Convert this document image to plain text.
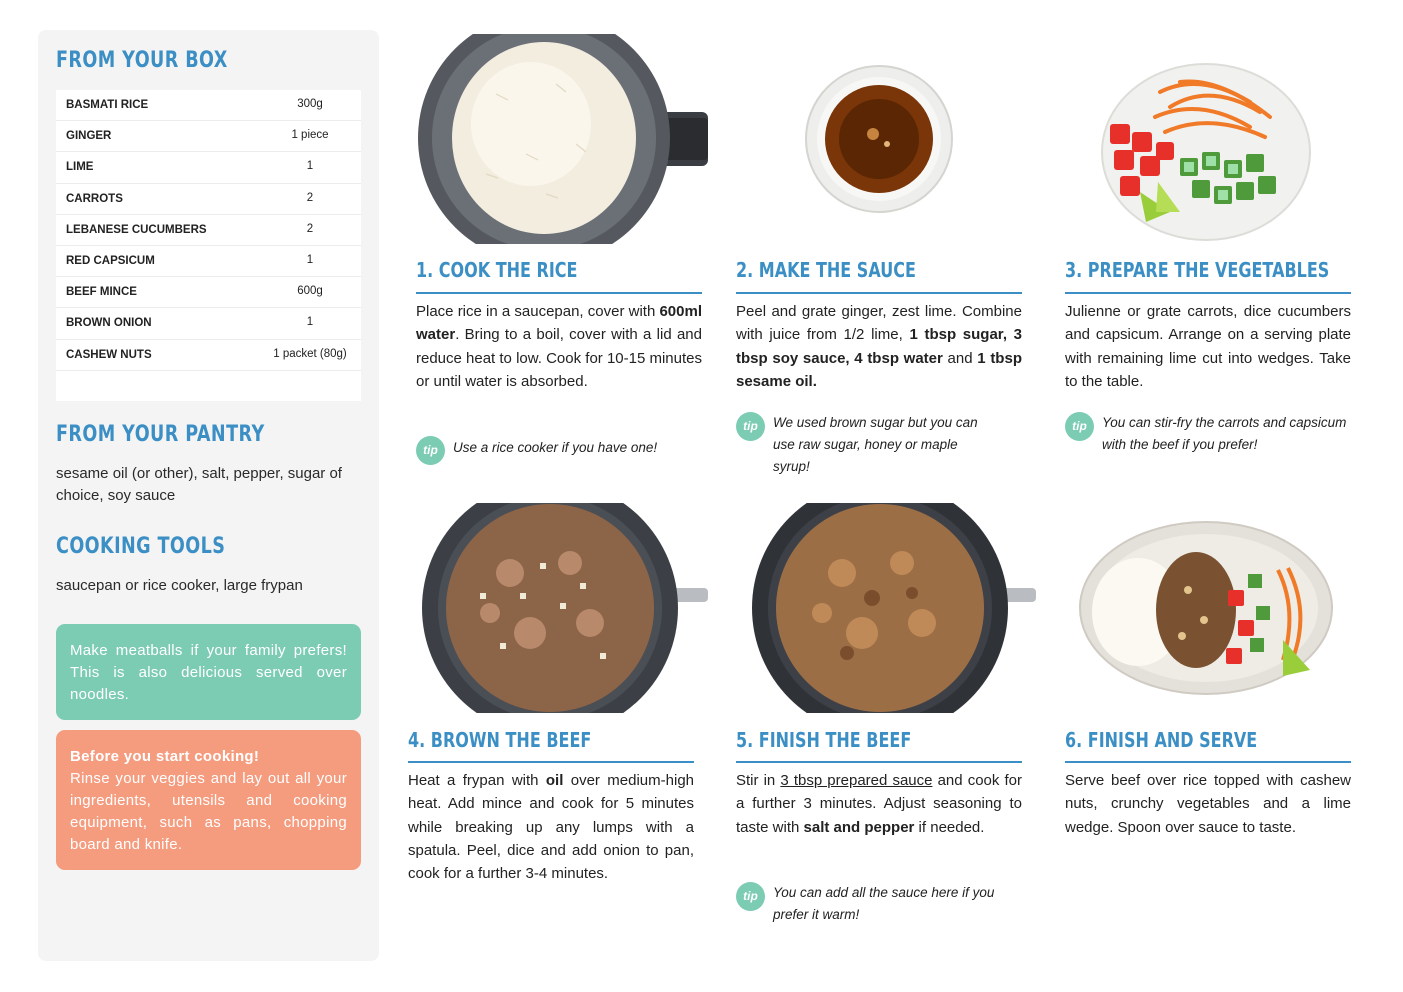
FROM YOUR BOX
BASMATI RICE	300g
GINGER	1 piece
LIME	1
CARROTS	2
LEBANESE CUCUMBERS	2
RED CAPSICUM	1
BEEF MINCE	600g
BROWN ONION	1
CASHEW NUTS	1 packet (80g)
FROM YOUR PANTRY
sesame oil (or other), salt, pepper, sugar of choice, soy sauce
COOKING TOOLS
saucepan or rice cooker, large frypan
Make meatballs if your family prefers! This is also delicious served over noodles.
Before you start cooking!
Rinse your veggies and lay out all your ingredients, utensils and cooking equipment, such as pans, chopping board and knife.
1. COOK THE RICE
Place rice in a saucepan, cover with 600ml water. Bring to a boil, cover with a lid and reduce heat to low. Cook for 10-15 minutes or until water is absorbed.
tip	Use a rice cooker if you have one!
2. MAKE THE SAUCE
Peel and grate ginger, zest lime. Combine with juice from 1/2 lime, 1 tbsp sugar, 3 tbsp soy sauce, 4 tbsp water and 1 tbsp sesame oil.
tip	We used brown sugar but you can use raw sugar, honey or maple syrup!
3. PREPARE THE VEGETABLES
Julienne or grate carrots, dice cucumbers and capsicum. Arrange on a serving plate with remaining lime cut into wedges. Take to the table.
tip	You can stir-fry the carrots and capsicum with the beef if you prefer!
4. BROWN THE BEEF
Heat a frypan with oil over medium-high heat. Add mince and cook for 5 minutes while breaking up any lumps with a spatula. Peel, dice and add onion to pan, cook for a further 3-4 minutes.
5. FINISH THE BEEF
Stir in 3 tbsp prepared sauce and cook for a further 3 minutes. Adjust seasoning to taste with salt and pepper if needed.
tip	You can add all the sauce here if you prefer it warm!
6. FINISH AND SERVE
Serve beef over rice topped with cashew nuts, crunchy vegetables and a lime wedge. Spoon over sauce to taste.
